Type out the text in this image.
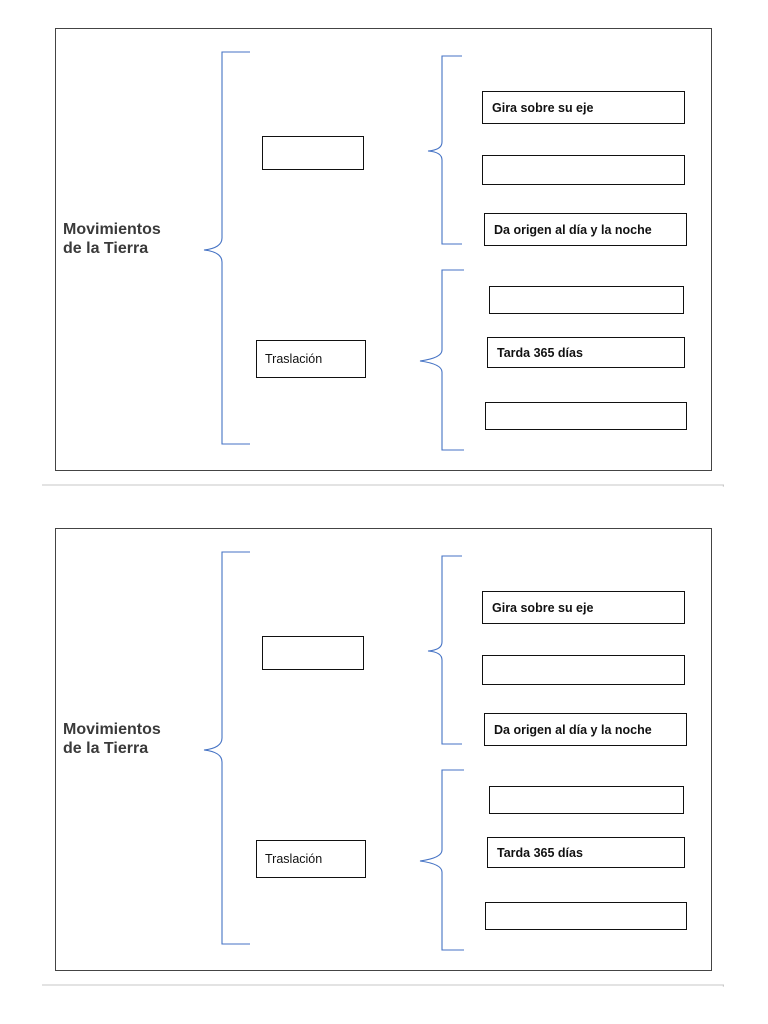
Movimientos
de la Tierra
Traslación
Gira sobre su eje
Da origen al día y la noche
Tarda 365 días
·
Movimientos
de la Tierra
Traslación
Gira sobre su eje
Da origen al día y la noche
Tarda 365 días
·
